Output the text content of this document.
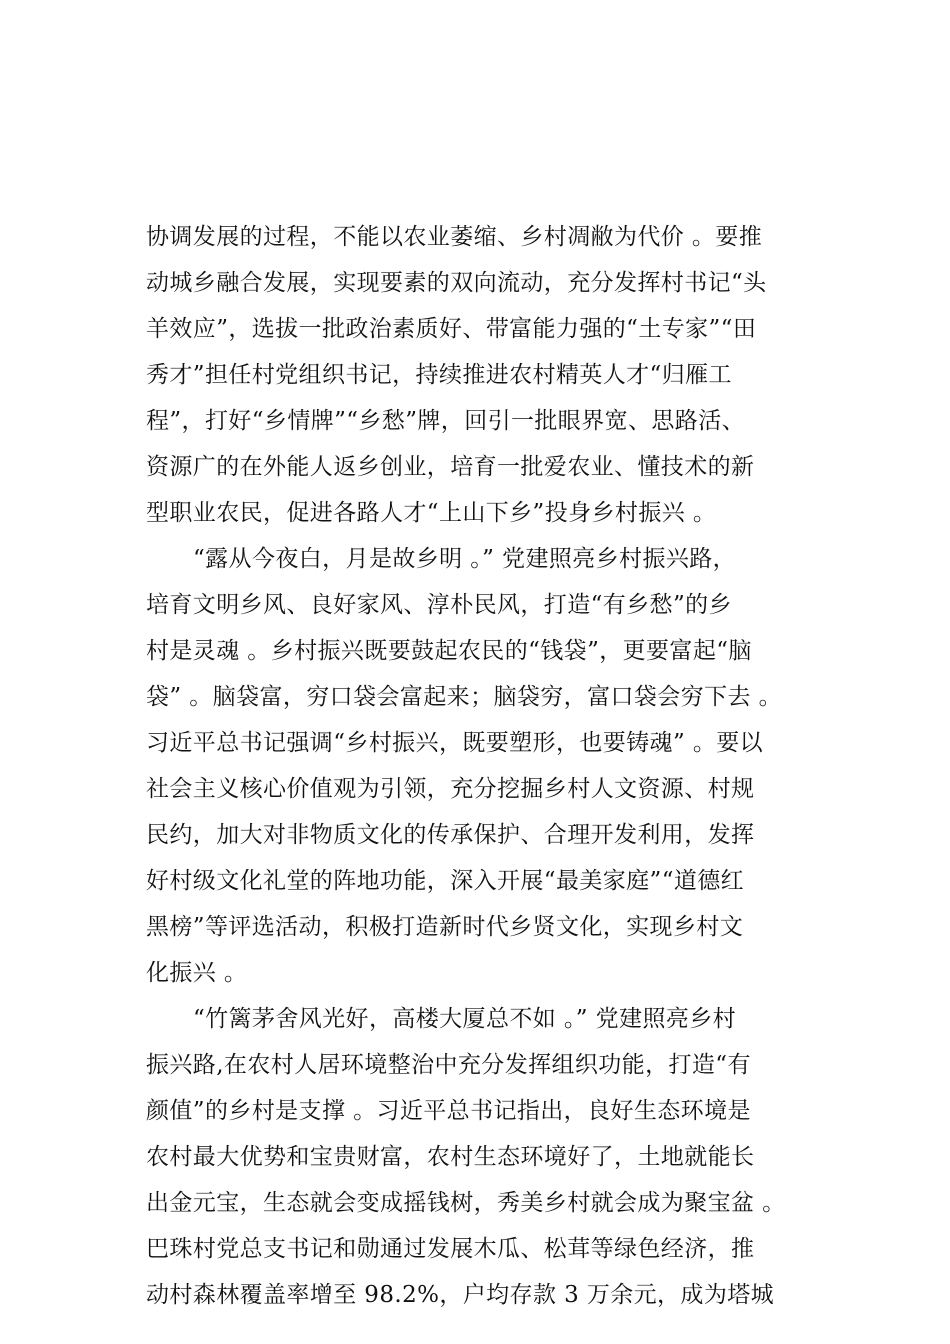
协调发展的过程，不能以农业萎缩、乡村凋敝为代价 。要推
动城乡融合发展，实现要素的双向流动，充分发挥村书记“头
羊效应”，选拔一批政治素质好、带富能力强的“土专家”“田
秀才”担任村党组织书记，持续推进农村精英人才“归雁工
程”，打好“乡情牌”“乡愁”牌，回引一批眼界宽、思路活、
资源广的在外能人返乡创业，培育一批爱农业、懂技术的新
型职业农民，促进各路人才“上山下乡”投身乡村振兴 。
“露从今夜白，月是故乡明 。” 党建照亮乡村振兴路，
培育文明乡风、良好家风、淳朴民风，打造“有乡愁”的乡
村是灵魂 。乡村振兴既要鼓起农民的“钱袋”，更要富起“脑
袋” 。脑袋富，穷口袋会富起来；脑袋穷，富口袋会穷下去 。
习近平总书记强调“乡村振兴，既要塑形，也要铸魂” 。要以
社会主义核心价值观为引领，充分挖掘乡村人文资源、村规
民约，加大对非物质文化的传承保护、合理开发利用，发挥
好村级文化礼堂的阵地功能，深入开展“最美家庭”“道德红
黑榜”等评选活动，积极打造新时代乡贤文化，实现乡村文
化振兴 。
“竹篱茅舍风光好，高楼大厦总不如 。” 党建照亮乡村
振兴路,在农村人居环境整治中充分发挥组织功能，打造“有
颜值”的乡村是支撑 。习近平总书记指出，良好生态环境是
农村最大优势和宝贵财富，农村生态环境好了，土地就能长
出金元宝，生态就会变成摇钱树，秀美乡村就会成为聚宝盆 。
巴珠村党总支书记和勋通过发展木瓜、松茸等绿色经济，推
动村森林覆盖率增至 98.2%，户均存款 3 万余元，成为塔城
